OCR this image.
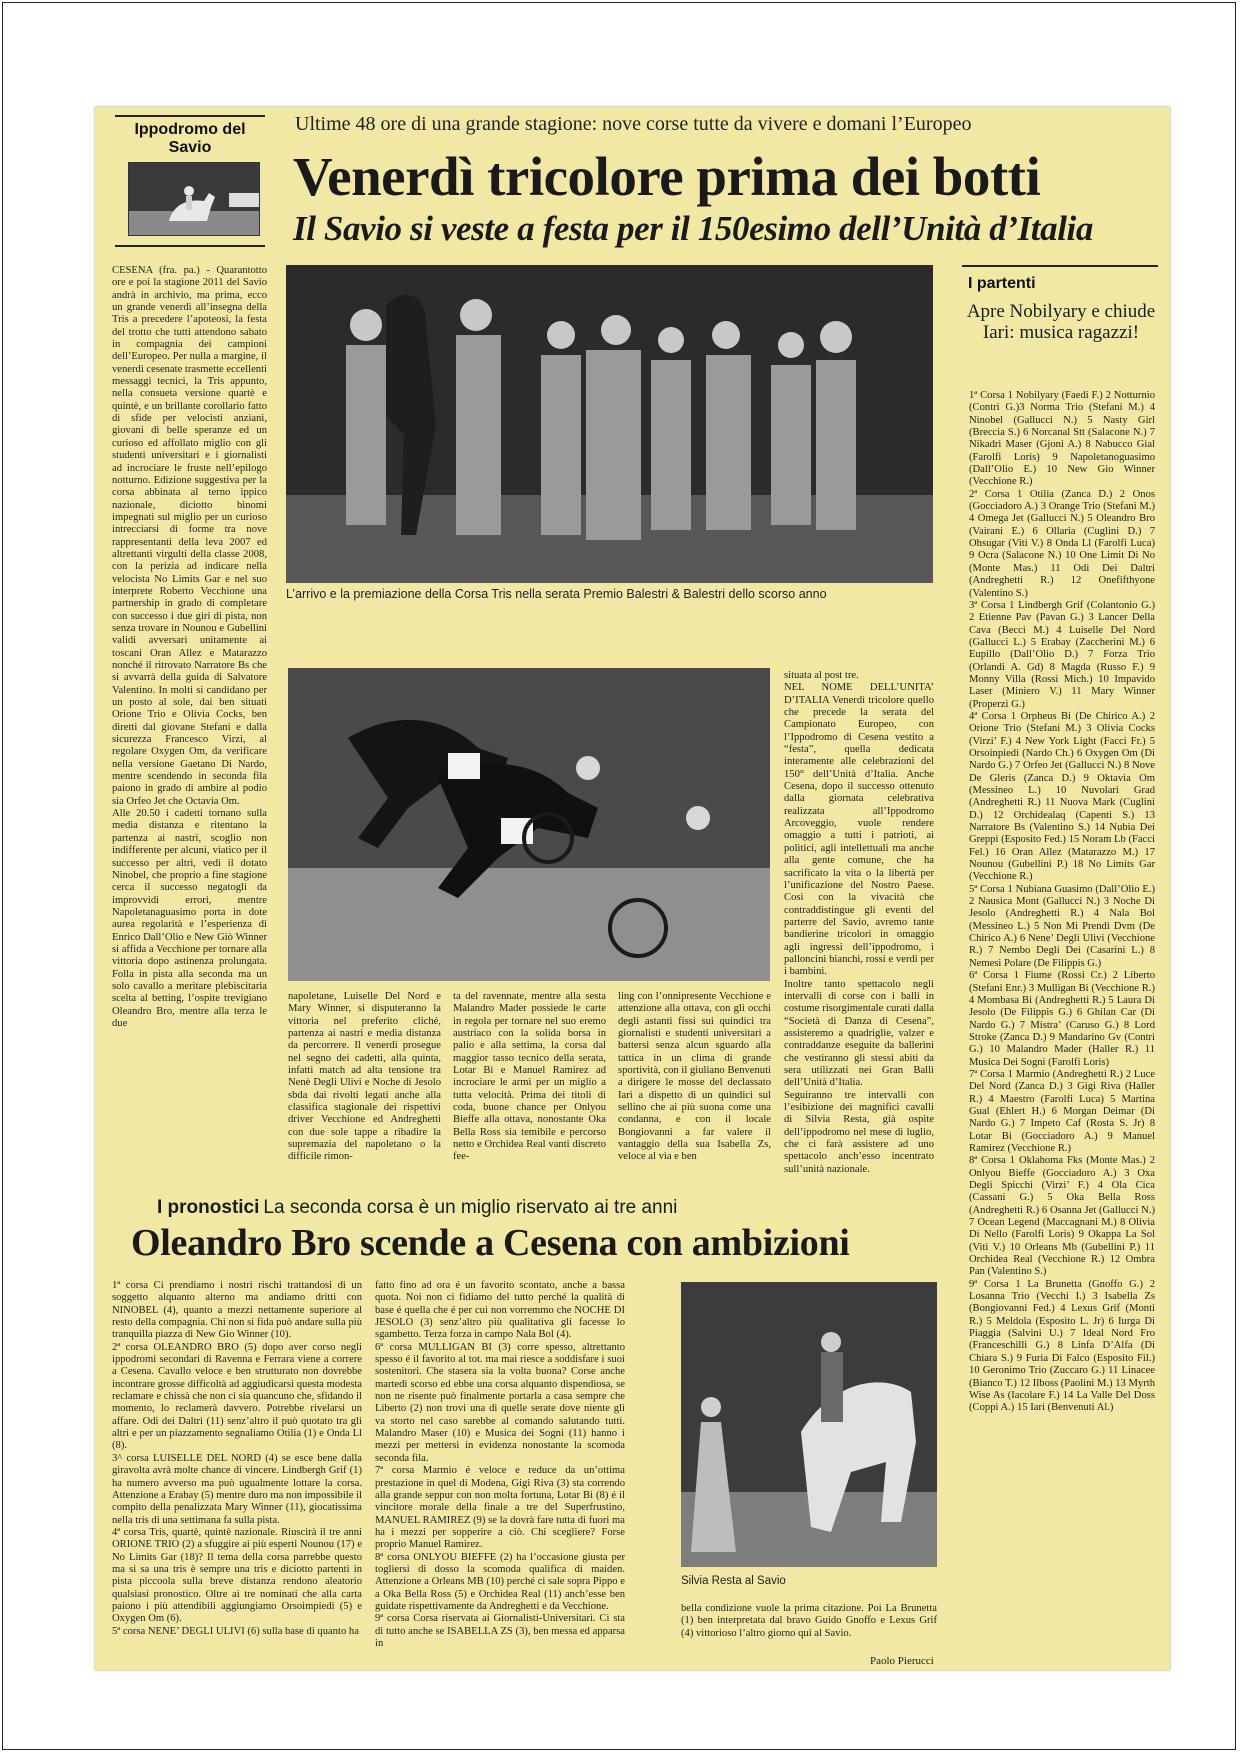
Ippodromo del Savio
Ultime 48 ore di una grande stagione: nove corse tutte da vivere e domani l’Europeo
Venerdì tricolore prima dei botti
Il Savio si veste a festa per il 150esimo dell’Unità d’Italia
CESENA (fra. pa.) - Quarantotto ore e poi la stagione 2011 del Savio andrà in archivio, ma prima, ecco un grande venerdì all’insegna della Tris a precedere l’apoteosi, la festa del trotto che tutti attendono sabato in compagnia dei campioni dell’Europeo. Per nulla a margine, il venerdì cesenate trasmette eccellenti messaggi tecnici, la Tris appunto, nella consueta versione quartè e quintè, e un brillante corollario fatto di sfide per velocisti anziani, giovani di belle speranze ed un curioso ed affollato miglio con gli studenti universitari e i giornalisti ad incrociare le fruste nell’epilogo notturno. Edizione suggestiva per la corsa abbinata al terno ippico nazionale, diciotto binomi impegnati sul miglio per un curioso intrecciarsi di forme tra nove rappresentanti della leva 2007 ed altrettanti virgulti della classe 2008, con la perizia ad indicare nella velocista No Limits Gar e nel suo interprete Roberto Vecchione una partnership in grado di completare con successo i due giri di pista, non senza trovare in Nounou e Gubellini validi avversari unitamente ai toscani Oran Allez e Matarazzo nonché il ritrovato Narratore Bs che si avvarrà della guida di Salvatore Valentino. In molti si candidano per un posto al sole, dai ben situati Orione Trio e Olivia Cocks, ben diretti dal giovane Stefani e dalla sicurezza Francesco Virzì, al regolare Oxygen Om, da verificare nella versione Gaetano Di Nardo, mentre scendendo in seconda fila paiono in grado di ambire al podio sia Orfeo Jet che Octavia Om.
Alle 20.50 i cadetti tornano sulla media distanza e ritentano la partenza ai nastri, scoglio non indifferente per alcuni, viatico per il successo per altri, vedi il dotato Ninobel, che proprio a fine stagione cerca il successo negatogli da improvvidi errori, mentre Napoletanaguasimo porta in dote aurea regolarità e l’esperienza di Enrico Dall’Olio e New Giò Winner si affida a Vecchione per tornare alla vittoria dopo astinenza prolungata. Folla in pista alla seconda ma un solo cavallo a meritare plebiscitaria scelta al betting, l’ospite trevigiano Oleandro Bro, mentre alla terza le due
L’arrivo e la premiazione della Corsa Tris nella serata Premio Balestri & Balestri dello scorso anno
napoletane, Luiselle Del Nord e Mary Winner, si disputeranno la vittoria nel preferito cliché, partenza ai nastri e media distanza da percorrere. Il venerdì prosegue nel segno dei cadetti, alla quinta, infatti match ad alta tensione tra Nenè Degli Ulivi e Noche di Jesolo sbda dai rivolti legati anche alla classifica stagionale dei rispettivi driver Vecchione ed Andreghetti con due sole tappe a ribadire la supremazia del napoletano o la difficile rimon-
ta del ravennate, mentre alla sesta Malandro Mader possiede le carte in regola per tornare nel suo eremo austriaco con la solida borsa in palio e alla settima, la corsa dal maggior tasso tecnico della serata, Lotar Bi e Manuel Ramirez ad incrociare le armi per un miglio a tutta velocità. Prima dei titoli di coda, buone chance per Onlyou Bieffe alla ottava, nonostante Oka Bella Ross sia temibile e percorso netto e Orchidea Real vanti discreto fee-
ling con l’onnipresente Vecchione e attenzione alla ottava, con gli occhi degli astanti fissi sui quindici tra giornalisti e studenti universitari a battersi senza alcun sguardo alla tattica in un clima di grande sportività, con il giuliano Benvenuti a dirigere le mosse del declassato Iari a dispetto di un quindici sul sellino che ai più suona come una condanna, e con il locale Bongiovanni a far valere il vantaggio della sua Isabella Zs, veloce al via e ben
situata al post tre.
NEL NOME DELL’UNITA’ D’ITALIA Venerdì tricolore quello che precede la serata del Campionato Europeo, con l’Ippodromo di Cesena vestito a “festa”, quella dedicata interamente alle celebrazioni del 150° dell’Unità d’Italia. Anche Cesena, dopo il successo ottenuto dalla giornata celebrativa realizzata all’Ippodromo Arcoveggio, vuole rendere omaggio a tutti i patrioti, ai politici, agli intellettuali ma anche alla gente comune, che ha sacrificato la vita o la libertà per l’unificazione del Nostro Paese. Così con la vivacità che contraddistingue gli eventi del parterre del Savio, avremo tante bandierine tricolori in omaggio agli ingressi dell’ippodromo, i palloncini bianchi, rossi e verdi per i bambini.
Inoltre tanto spettacolo negli intervalli di corse con i balli in costume risorgimentale curati dalla “Società di Danza di Cesena”, assisteremo a quadriglie, valzer e contraddanze eseguite da ballerini che vestiranno gli stessi abiti da sera utilizzati nei Gran Balli dell’Unità d’Italia.
Seguiranno tre intervalli con l’esibizione dei magnifici cavalli di Silvia Resta, già ospite dell’ippodromo nel mese di luglio, che ci farà assistere ad uno spettacolo anch’esso incentrato sull’unità nazionale.
I partenti
Apre Nobilyary e chiude Iari: musica ragazzi!
1ª Corsa 1 Nobilyary (Faedi F.) 2 Notturnio (Contri G.)3 Norma Trio (Stefani M.) 4 Ninobel (Gallucci N.) 5 Nasty Girl (Breccia S.) 6 Norcanal Stt (Salacone N.) 7 Nikadri Maser (Gjoni A.) 8 Nabucco Gial (Farolfi Loris) 9 Napoletanoguasimo (Dall’Olio E.) 10 New Gio Winner (Vecchione R.)
2ª Corsa 1 Otilia (Zanca D.) 2 Onos (Gocciadoro A.) 3 Orange Trio (Stefani M.) 4 Omega Jet (Gallucci N.) 5 Oleandro Bro (Vairani E.) 6 Ollaria (Cuglini D.) 7 Ohsugar (Viti V.) 8 Onda Ll (Farolfi Luca) 9 Ocra (Salacone N.) 10 One Limit Di No (Monte Mas.) 11 Odi Dei Daltri (Andreghetti R.) 12 Onefifthyone (Valentino S.)
3ª Corsa 1 Lindbergh Grif (Colantonio G.) 2 Etienne Pav (Pavan G.) 3 Lancer Della Cava (Becci M.) 4 Luiselle Del Nord (Gallucci L.) 5 Erabay (Zaccherini M.) 6 Eupillo (Dall’Olio D.) 7 Forza Trio (Orlandi A. Gd) 8 Magda (Russo F.) 9 Monny Villa (Rossi Mich.) 10 Impavido Laser (Miniero V.) 11 Mary Winner (Properzi G.)
4ª Corsa 1 Orpheus Bi (De Chirico A.) 2 Orione Trio (Stefani M.) 3 Olivia Cocks (Virzi’ F.) 4 New York Light (Facci Fr.) 5 Orsoinpiedi (Nardo Ch.) 6 Oxygen Om (Di Nardo G.) 7 Orfeo Jet (Gallucci N.) 8 Nove De Gleris (Zanca D.) 9 Oktavia Om (Messineo L.) 10 Nuvolari Grad (Andreghetti R.) 11 Nuova Mark (Cuglini D.) 12 Orchidealaq (Capenti S.) 13 Narratore Bs (Valentino S.) 14 Nubia Dei Greppi (Esposito Fed.) 15 Noram Lb (Facci Fel.) 16 Oran Allez (Matarazzo M.) 17 Nounou (Gubellini P.) 18 No Limits Gar (Vecchione R.)
5ª Corsa 1 Nubiana Guasimo (Dall’Olio E.) 2 Nausica Mont (Gallucci N.) 3 Noche Di Jesolo (Andreghetti R.) 4 Nala Bol (Messineo L.) 5 Non Mi Prendi Dvm (De Chirico A.) 6 Nene’ Degli Ulivi (Vecchione R.) 7 Nembo Degli Dei (Casarini L.) 8 Nemesi Polare (De Filippis G.)
6ª Corsa 1 Fiume (Rossi Cr.) 2 Liberto (Stefani Enr.) 3 Mulligan Bi (Vecchione R.) 4 Mombasa Bi (Andreghetti R.) 5 Laura Di Jesolo (De Filippis G.) 6 Ghilan Car (Di Nardo G.) 7 Mistra’ (Caruso G.) 8 Lord Stroke (Zanca D.) 9 Mandarino Gv (Contri G.) 10 Malandro Mader (Haller R.) 11 Musica Dei Sogni (Farolfi Loris)
7ª Corsa 1 Marmio (Andreghetti R.) 2 Luce Del Nord (Zanca D.) 3 Gigi Riva (Haller R.) 4 Maestro (Farolfi Luca) 5 Martina Gual (Ehlert H.) 6 Morgan Deimar (Di Nardo G.) 7 Impeto Caf (Rosta S. Jr) 8 Lotar Bi (Gocciadoro A.) 9 Manuel Ramirez (Vecchione R.)
8ª Corsa 1 Oklahoma Fks (Monte Mas.) 2 Onlyou Bieffe (Gocciadoro A.) 3 Oxa Degli Spicchi (Virzi’ F.) 4 Ola Cica (Cassani G.) 5 Oka Bella Ross (Andreghetti R.) 6 Osanna Jet (Gallucci N.) 7 Ocean Legend (Maccagnani M.) 8 Olivia Di Nello (Farolfi Loris) 9 Okappa La Sol (Viti V.) 10 Orleans Mb (Gubellini P.) 11 Orchidea Real (Vecchione R.) 12 Ombra Pan (Valentino S.)
9ª Corsa 1 La Brunetta (Gnoffo G.) 2 Losanna Trio (Vecchi I.) 3 Isabella Zs (Bongiovanni Fed.) 4 Lexus Grif (Monti R.) 5 Meldola (Esposito L. Jr) 6 Iurga Di Piaggia (Salvini U.) 7 Ideal Nord Fro (Franceschilli G.) 8 Linfa D’Alfa (Di Chiara S.) 9 Furia Di Falco (Esposito Fil.) 10 Geronimo Trio (Zuccaro G.) 11 Linacee (Bianco T.) 12 Ilboss (Paolini M.) 13 Myrth Wise As (Iacolare F.) 14 La Valle Del Doss (Coppi A.) 15 Iari (Benvenuti Al.)
I pronostici La seconda corsa è un miglio riservato ai tre anni
Oleandro Bro scende a Cesena con ambizioni
1ª corsa Ci prendiamo i nostri rischi trattandosi di un soggetto alquanto alterno ma andiamo dritti con NINOBEL (4), quanto a mezzi nettamente superiore al resto della compagnia. Chi non si fida può andare sulla più tranquilla piazza di New Gio Winner (10).
2ª corsa OLEANDRO BRO (5) dopo aver corso negli ippodromi secondari di Ravenna e Ferrara viene a correre a Cesena. Cavallo veloce e ben strutturato non dovrebbe incontrare grosse difficoltà ad aggiudicarsi questa modesta reclamare e chissà che non ci sia quancuno che, sfidando il momento, lo reclamerà davvero. Potrebbe rivelarsi un affare. Odi dei Daltri (11) senz’altro il può quotato tra gli altri e per un piazzamento segnaliamo Otilia (1) e Onda Ll (8).
3^ corsa LUISELLE DEL NORD (4) se esce bene dalla giravolta avrà molte chance di vincere. Lindbergh Grif (1) ha numero avverso ma può ugualmente lottare la corsa. Attenzione a Erabay (5) mentre duro ma non impossibile il compito della penalizzata Mary Winner (11), giocatissima nella tris di una settimana fa sulla pista.
4ª corsa Tris, quartè, quintè nazionale. Riuscirà il tre anni ORIONE TRIO (2) a sfuggire ai più esperti Nounou (17) e No Limits Gar (18)? Il tema della corsa parrebbe questo ma si sa una tris è sempre una tris e diciotto partenti in pista piccoola sulla breve distanza rendono aleatorio qualsiasi pronostico. Oltre ai tre nominati che alla carta paiono i più attendibili aggiungiamo Orsoimpiedi (5) e Oxygen Om (6).
5ª corsa NENE’ DEGLI ULIVI (6) sulla base di quanto ha
fatto fino ad ora é un favorito scontato, anche a bassa quota. Noi non ci fidiamo del tutto perché la qualità di base é quella che é per cui non vorremmo che NOCHE DI JESOLO (3) senz’altro più qualitativa gli facesse lo sgambetto. Terza forza in campo Nala Bol (4).
6ª corsa MULLIGAN BI (3) corre spesso, altrettanto spesso é il favorito al tot. ma mai riesce a soddisfare i suoi sostenitori. Che stasera sia la volta buona? Corse anche martedì scorso ed ebbe una corsa alquanto dispendiosa, se non ne risente può finalmente portarla a casa sempre che Liberto (2) non trovi una di quelle serate dove niente gli va storto nel caso sarebbe al comando salutando tutti. Malandro Maser (10) e Musica dei Sogni (11) hanno i mezzi per mettersi in evidenza nonostante la scomoda seconda fila.
7ª corsa Marmio é veloce e reduce da un’ottima prestazione in quel di Modena, Gigi Riva (3) sta correndo alla grande seppur con non molta fortuna, Lotar Bi (8) é il vincitore morale della finale a tre del Superfrustino, MANUEL RAMIREZ (9) se la dovrà fare tutta di fuori ma ha i mezzi per sopperire a ciò. Chi scegliere? Forse proprio Manuel Ramirez.
8ª corsa ONLYOU BIEFFE (2) ha l’occasione giusta per togliersi di dosso la scomoda qualifica di maiden. Attenzione a Orleans MB (10) perché ci sale sopra Pippo e a Oka Bella Ross (5) e Orchidea Real (11) anch’esse ben guidate rispettivamente da Andreghetti e da Vecchione.
9ª corsa Corsa riservata ai Giornalisti-Universitari. Ci sta di tutto anche se ISABELLA ZS (3), ben messa ed apparsa in
Silvia Resta al Savio
bella condizione vuole la prima citazione. Poi La Brunetta (1) ben interpretata dal bravo Guido Gnoffo e Lexus Grif (4) vittorioso l’altro giorno qui al Savio.
Paolo Pierucci
